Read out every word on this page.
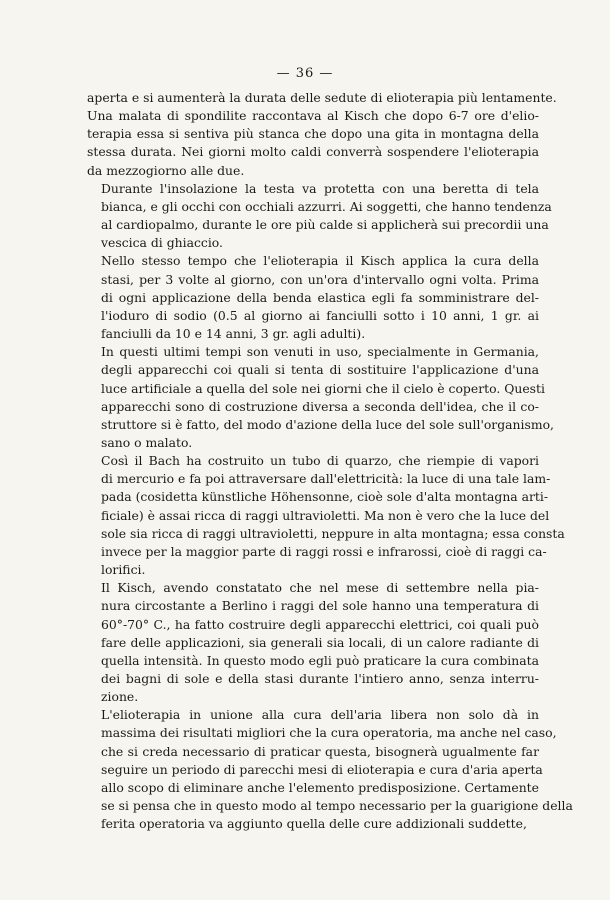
— 36 —

aperta e si aumenterà la durata delle sedute di elioterapia più lentamente.
Una malata di spondilite raccontava al Kisch che dopo 6-7 ore d'elio-
terapia essa si sentiva più stanca che dopo una gita in montagna della
stessa durata. Nei giorni molto caldi converrà sospendere l'elioterapia
da mezzogiorno alle due.

Durante l'insolazione la testa va protetta con una beretta di tela
bianca, e gli occhi con occhiali azzurri. Ai soggetti, che hanno tendenza
al cardiopalmo, durante le ore più calde si applicherà sui precordii una
vescica di ghiaccio.

Nello stesso tempo che l'elioterapia il Kisch applica la cura della
stasi, per 3 volte al giorno, con un'ora d'intervallo ogni volta. Prima
di ogni applicazione della benda elastica egli fa somministrare del-
l'ioduro di sodio (0.5 al giorno ai fanciulli sotto i 10 anni, 1 gr. ai
fanciulli da 10 e 14 anni, 3 gr. agli adulti).

In questi ultimi tempi son venuti in uso, specialmente in Germania,
degli apparecchi coi quali si tenta di sostituire l'applicazione d'una
luce artificiale a quella del sole nei giorni che il cielo è coperto. Questi
apparecchi sono di costruzione diversa a seconda dell'idea, che il co-
struttore si è fatto, del modo d'azione della luce del sole sull'organismo,
sano o malato.

Così il Bach ha costruito un tubo di quarzo, che riempie di vapori
di mercurio e fa poi attraversare dall'elettricità: la luce di una tale lam-
pada (cosidetta künstliche Höhensonne, cioè sole d'alta montagna arti-
ficiale) è assai ricca di raggi ultravioletti. Ma non è vero che la luce del
sole sia ricca di raggi ultravioletti, neppure in alta montagna; essa consta
invece per la maggior parte di raggi rossi e infrarossi, cioè di raggi ca-
lorifici.

Il Kisch, avendo constatato che nel mese di settembre nella pia-
nura circostante a Berlino i raggi del sole hanno una temperatura di
60°-70° C., ha fatto costruire degli apparecchi elettrici, coi quali può
fare delle applicazioni, sia generali sia locali, di un calore radiante di
quella intensità. In questo modo egli può praticare la cura combinata
dei bagni di sole e della stasi durante l'intiero anno, senza interru-
zione.

L'elioterapia in unione alla cura dell'aria libera non solo dà in
massima dei risultati migliori che la cura operatoria, ma anche nel caso,
che si creda necessario di praticar questa, bisognerà ugualmente far
seguire un periodo di parecchi mesi di elioterapia e cura d'aria aperta
allo scopo di eliminare anche l'elemento predisposizione. Certamente
se si pensa che in questo modo al tempo necessario per la guarigione della
ferita operatoria va aggiunto quella delle cure addizionali suddette,
